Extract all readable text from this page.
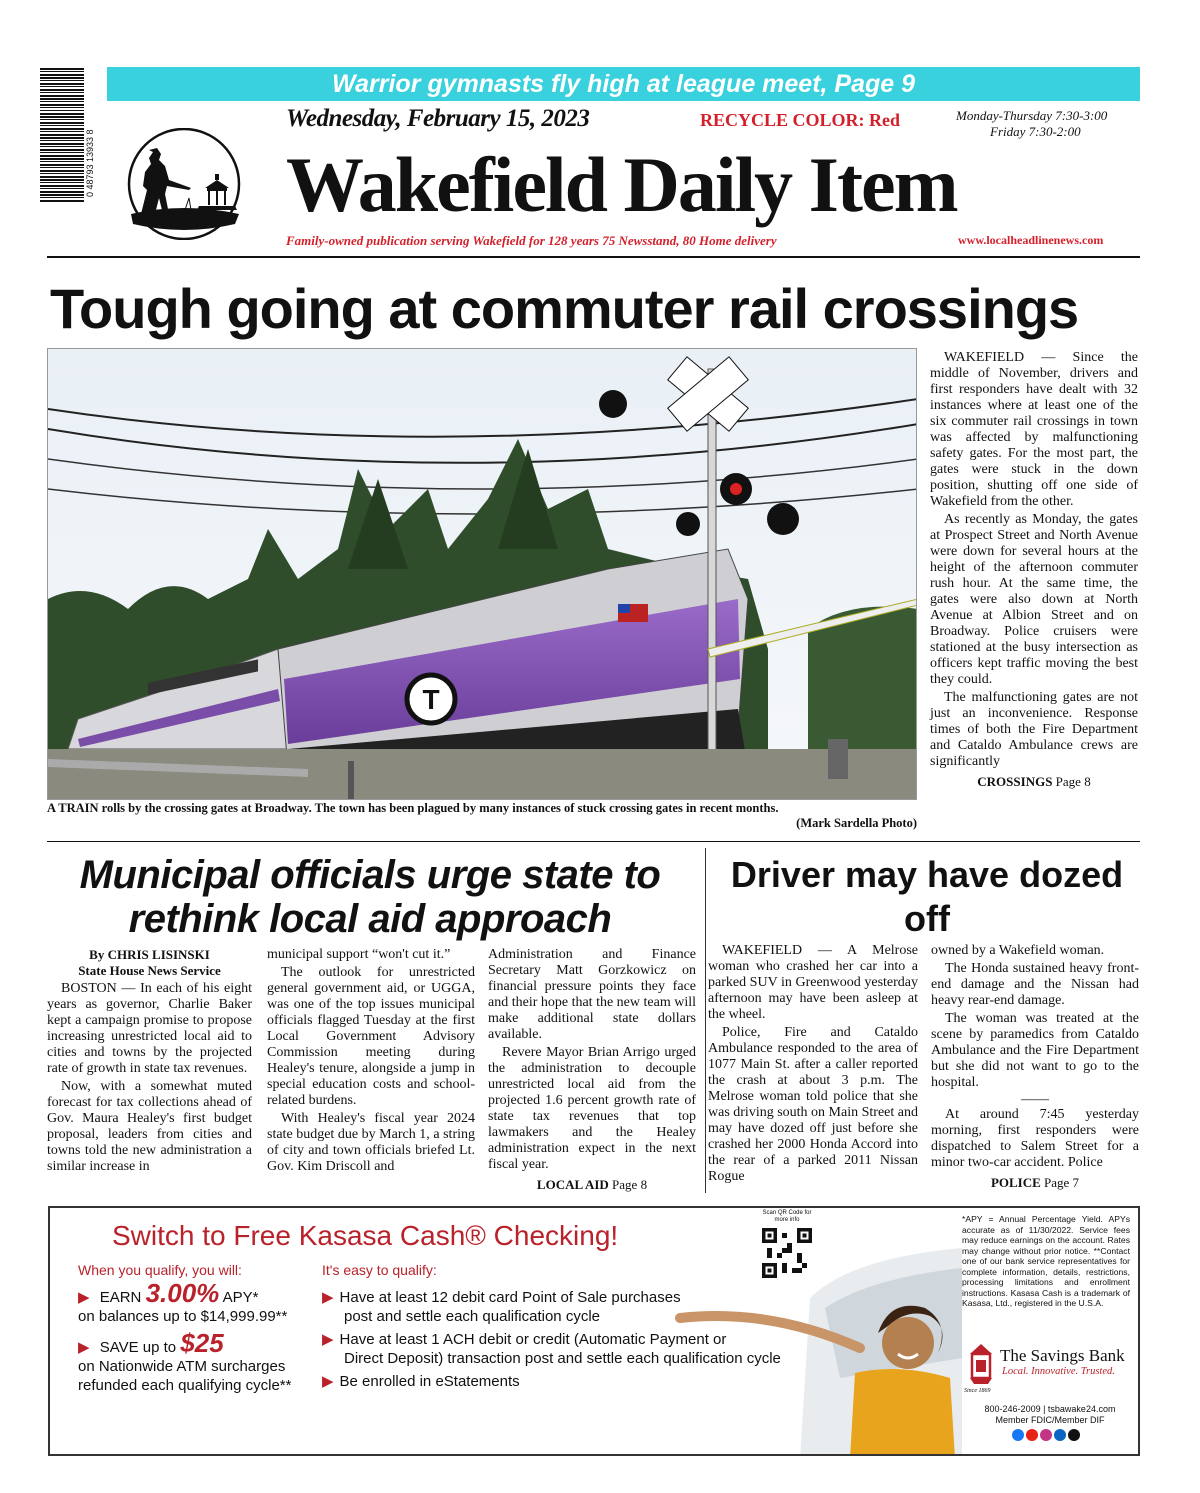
0 48793 13933 8
Warrior gymnasts fly high at league meet, Page 9
Wednesday, February 15, 2023	RECYCLE COLOR: Red	Monday-Thursday 7:30-3:00
Friday 7:30-2:00
Wakefield Daily Item
Family-owned publication serving Wakefield for 128 years 75 Newsstand, 80 Home delivery	www.localheadlinenews.com
Tough going at commuter rail crossings
T
A TRAIN rolls by the crossing gates at Broadway. The town has been plagued by many instances of stuck crossing gates in recent months.
(Mark Sardella Photo)

WAKEFIELD — Since the middle of November, drivers and first responders have dealt with 32 instances where at least one of the six commuter rail crossings in town was affected by malfunctioning safety gates. For the most part, the gates were stuck in the down position, shutting off one side of Wakefield from the other.

As recently as Monday, the gates at Prospect Street and North Avenue were down for several hours at the height of the afternoon commuter rush hour. At the same time, the gates were also down at North Avenue at Albion Street and on Broadway. Police cruisers were stationed at the busy intersection as officers kept traffic moving the best they could.

The malfunctioning gates are not just an inconvenience. Response times of both the Fire Department and Cataldo Ambulance crews are significantly

CROSSINGS Page 8
Municipal officials urge state to rethink local aid approach
By CHRIS LISINSKI
State House News Service

BOSTON — In each of his eight years as governor, Charlie Baker kept a campaign promise to propose increasing unrestricted local aid to cities and towns by the projected rate of growth in state tax revenues.

Now, with a somewhat muted forecast for tax collections ahead of Gov. Maura Healey's first budget proposal, leaders from cities and towns told the new administration a similar increase in

municipal support “won't cut it.”

The outlook for unrestricted general government aid, or UGGA, was one of the top issues municipal officials flagged Tuesday at the first Local Government Advisory Commission meeting during Healey's tenure, alongside a jump in special education costs and school-related burdens.

With Healey's fiscal year 2024 state budget due by March 1, a string of city and town officials briefed Lt. Gov. Kim Driscoll and

Administration and Finance Secretary Matt Gorzkowicz on financial pressure points they face and their hope that the new team will make additional state dollars available.

Revere Mayor Brian Arrigo urged the administration to decouple unrestricted local aid from the projected 1.6 percent growth rate of state tax revenues that top lawmakers and the Healey administration expect in the next fiscal year.

LOCAL AID Page 8
Driver may have dozed off

WAKEFIELD — A Melrose woman who crashed her car into a parked SUV in Greenwood yesterday afternoon may have been asleep at the wheel.

Police, Fire and Cataldo Ambulance responded to the area of 1077 Main St. after a caller reported the crash at about 3 p.m. The Melrose woman told police that she was driving south on Main Street and may have dozed off just before she crashed her 2000 Honda Accord into the rear of a parked 2011 Nissan Rogue

owned by a Wakefield woman.

The Honda sustained heavy front-end damage and the Nissan had heavy rear-end damage.

The woman was treated at the scene by paramedics from Cataldo Ambulance and the Fire Department but she did not want to go to the hospital.

——

At around 7:45 yesterday morning, first responders were dispatched to Salem Street for a minor two-car accident. Police

POLICE Page 7
Switch to Free Kasasa Cash® Checking!
When you qualify, you will:
▶ EARN 3.00% APY*
on balances up to $14,999.99**
▶ SAVE up to $25
on Nationwide ATM surcharges
refunded each qualifying cycle**
It's easy to qualify:
▶ Have at least 12 debit card Point of Sale purchases
post and settle each qualification cycle
▶ Have at least 1 ACH debit or credit (Automatic Payment or
Direct Deposit) transaction post and settle each qualification cycle
▶ Be enrolled in eStatements
Scan QR Code for more info	*APY = Annual Percentage Yield. APYs accurate as of 11/30/2022. Service fees may reduce earnings on the account. Rates may change without prior notice. **Contact one of our bank service representatives for complete information, details, restrictions, processing limitations and enrollment instructions. Kasasa Cash is a trademark of Kasasa, Ltd., registered in the U.S.A.
The Savings Bank
Local. Innovative. Trusted.
Since 1869
800-246-2009 | tsbawake24.com
Member FDIC/Member DIF
